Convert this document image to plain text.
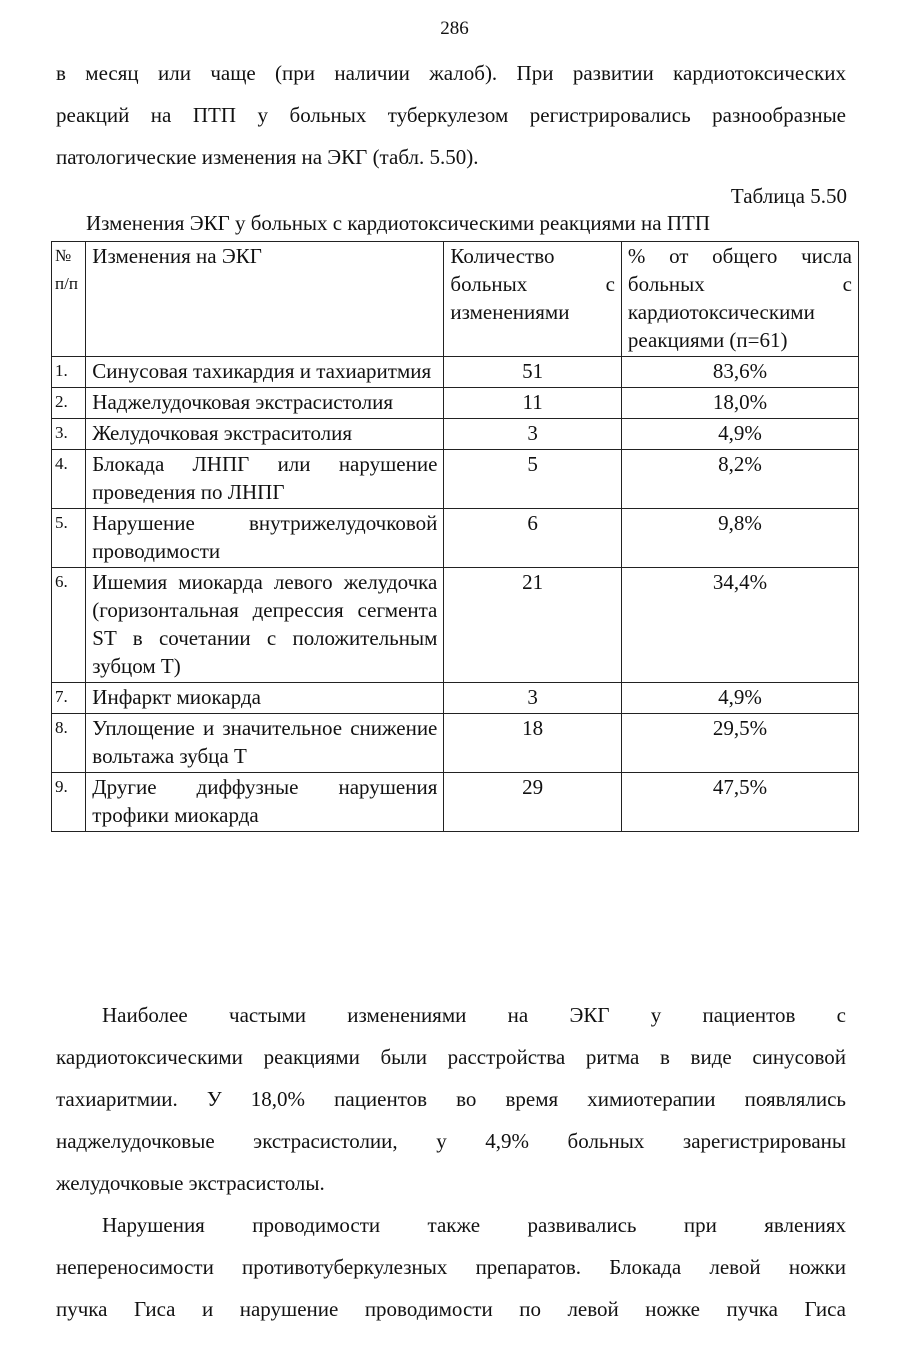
286
в месяц или чаще (при наличии жалоб). При развитии кардиотоксических
реакций на ПТП у больных туберкулезом регистрировались разнообразные
патологические изменения на ЭКГ (табл. 5.50).
Таблица 5.50
Изменения ЭКГ у больных с кардиотоксическими реакциями на ПТП
№ п/п	Изменения на ЭКГ	Количество больных с изменениями	% от общего числа больных с кардиотоксическими реакциями (п=61)
1.	Синусовая тахикардия и тахиаритмия	51	83,6%
2.	Наджелудочковая экстрасистолия	11	18,0%
3.	Желудочковая экстраситолия	3	4,9%
4.	Блокада ЛНПГ или нарушение проведения по ЛНПГ	5	8,2%
5.	Нарушение внутрижелудочковой проводимости	6	9,8%
6.	Ишемия миокарда левого желудочка (горизонтальная депрессия сегмента ST в сочетании с положительным зубцом Т)	21	34,4%
7.	Инфаркт миокарда	3	4,9%
8.	Уплощение и значительное снижение вольтажа зубца Т	18	29,5%
9.	Другие диффузные нарушения трофики миокарда	29	47,5%
Наиболее частыми изменениями на ЭКГ у пациентов с
кардиотоксическими реакциями были расстройства ритма в виде синусовой
тахиаритмии. У 18,0% пациентов во время химиотерапии появлялись
наджелудочковые экстрасистолии, у 4,9% больных зарегистрированы
желудочковые экстрасистолы.
Нарушения проводимости также развивались при явлениях
непереносимости противотуберкулезных препаратов. Блокада левой ножки
пучка Гиса и нарушение проводимости по левой ножке пучка Гиса
